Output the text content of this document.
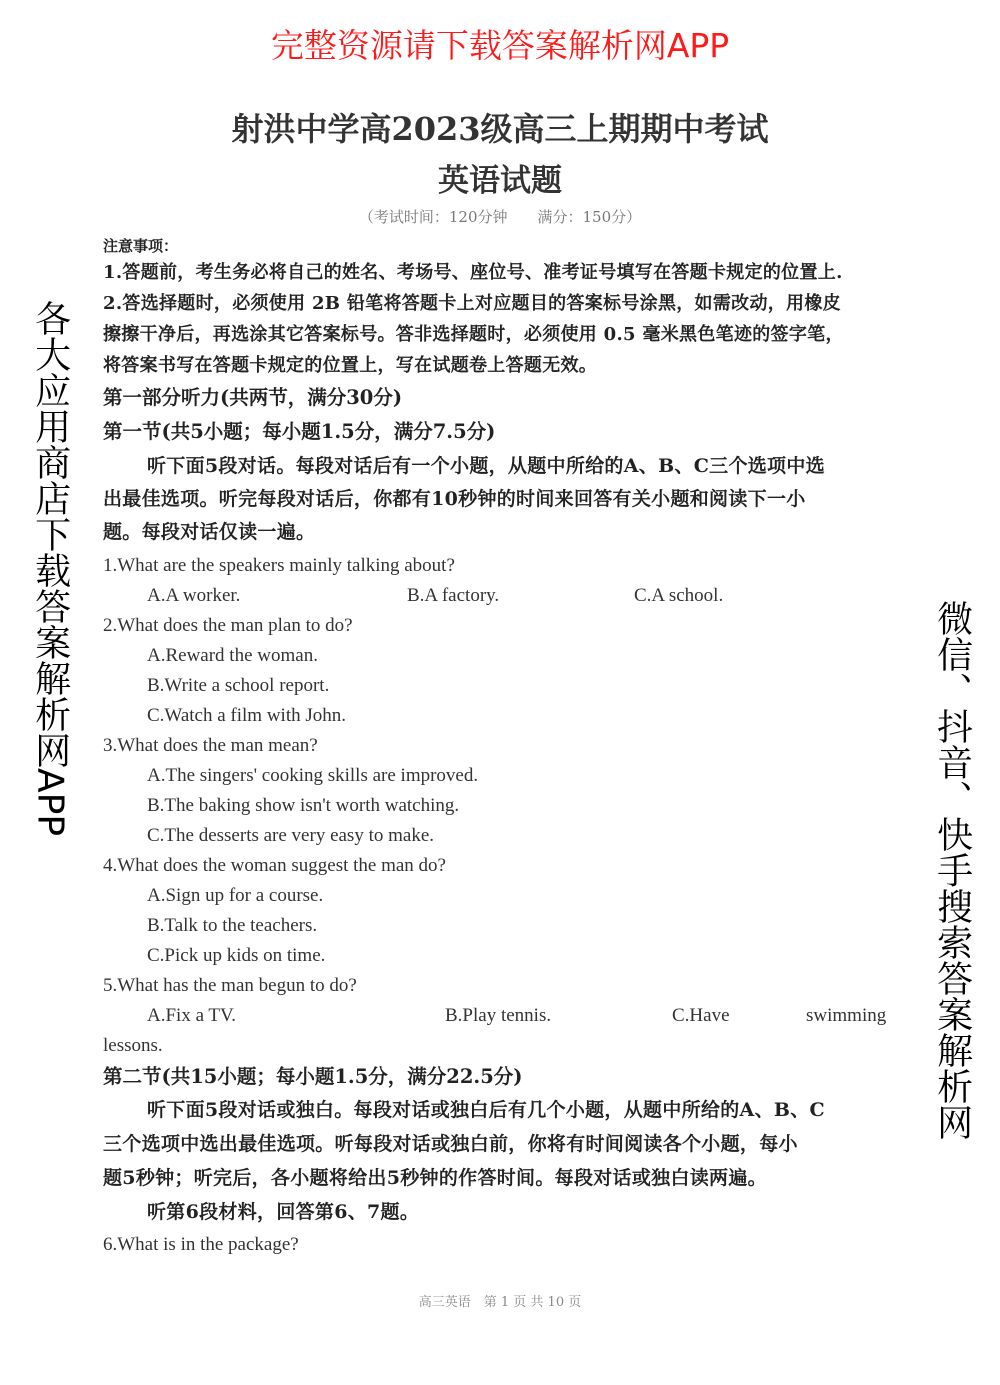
射洪中学高2023级高三上期期中考试
英语试题
（考试时间：120分钟　　满分：150分）
注意事项：
1.答题前，考生务必将自己的姓名、考场号、座位号、准考证号填写在答题卡规定的位置上.
2.答选择题时，必须使用 2B 铅笔将答题卡上对应题目的答案标号涂黑，如需改动，用橡皮
擦擦干净后，再选涂其它答案标号。答非选择题时，必须使用 0.5 毫米黑色笔迹的签字笔，
将答案书写在答题卡规定的位置上，写在试题卷上答题无效。
第一部分听力(共两节，满分30分)
第一节(共5小题；每小题1.5分，满分7.5分)
听下面5段对话。每段对话后有一个小题，从题中所给的A、B、C三个选项中选
出最佳选项。听完每段对话后，你都有10秒钟的时间来回答有关小题和阅读下一小
题。每段对话仅读一遍。
1.What are the speakers mainly talking about?
A.A worker.	B.A factory.	C.A school.
2.What does the man plan to do?
A.Reward the woman.
B.Write a school report.
C.Watch a film with John.
3.What does the man mean?
A.The singers' cooking skills are improved.
B.The baking show isn't worth watching.
C.The desserts are very easy to make.
4.What does the woman suggest the man do?
A.Sign up for a course.
B.Talk to the teachers.
C.Pick up kids on time.
5.What has the man begun to do?
A.Fix a TV.	B.Play tennis.	C.Have	swimming
lessons.
第二节(共15小题；每小题1.5分，满分22.5分)
听下面5段对话或独白。每段对话或独白后有几个小题，从题中所给的A、B、C
三个选项中选出最佳选项。听每段对话或独白前，你将有时间阅读各个小题，每小
题5秒钟；听完后，各小题将给出5秒钟的作答时间。每段对话或独白读两遍。
听第6段材料，回答第6、7题。
6.What is in the package?
高三英语　第 1 页 共 10 页
各大应用商店下载答案解析网APP
完整资源请下载答案解析网APP
微信、抖音、快手搜索答案解析网
